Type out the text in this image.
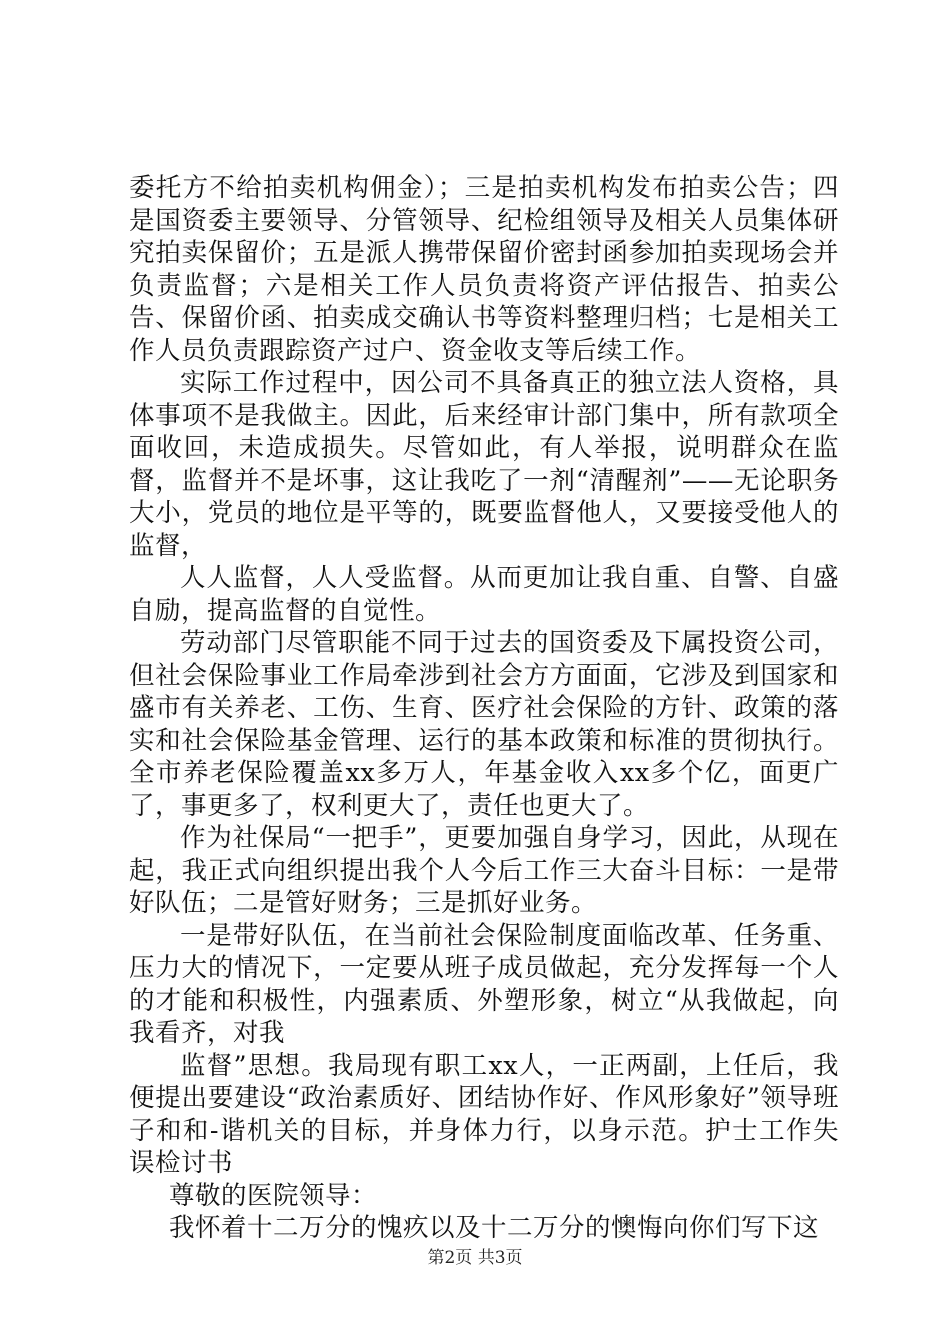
委托方不给拍卖机构佣金）；三是拍卖机构发布拍卖公告；四是国资委主要领导、分管领导、纪检组领导及相关人员集体研究拍卖保留价；五是派人携带保留价密封函参加拍卖现场会并负责监督；六是相关工作人员负责将资产评估报告、拍卖公告、保留价函、拍卖成交确认书等资料整理归档；七是相关工作人员负责跟踪资产过户、资金收支等后续工作。

实际工作过程中，因公司不具备真正的独立法人资格，具体事项不是我做主。因此，后来经审计部门集中，所有款项全面收回，未造成损失。尽管如此，有人举报，说明群众在监督，监督并不是坏事，这让我吃了一剂“清醒剂”——无论职务大小，党员的地位是平等的，既要监督他人，又要接受他人的监督，

人人监督，人人受监督。从而更加让我自重、自警、自盛自励，提高监督的自觉性。

劳动部门尽管职能不同于过去的国资委及下属投资公司，但社会保险事业工作局牵涉到社会方方面面，它涉及到国家和盛市有关养老、工伤、生育、医疗社会保险的方针、政策的落实和社会保险基金管理、运行的基本政策和标准的贯彻执行。全市养老保险覆盖xx多万人，年基金收入xx多个亿，面更广了，事更多了，权利更大了，责任也更大了。

作为社保局“一把手”，更要加强自身学习，因此，从现在起，我正式向组织提出我个人今后工作三大奋斗目标：一是带好队伍；二是管好财务；三是抓好业务。

一是带好队伍，在当前社会保险制度面临改革、任务重、压力大的情况下，一定要从班子成员做起，充分发挥每一个人的才能和积极性，内强素质、外塑形象，树立“从我做起，向我看齐，对我

监督”思想。我局现有职工xx人，一正两副，上任后，我便提出要建设“政治素质好、团结协作好、作风形象好”领导班子和和-谐机关的目标，并身体力行，以身示范。护士工作失误检讨书

尊敬的医院领导：

我怀着十二万分的愧疚以及十二万分的懊悔向你们写下这

第2页 共3页
